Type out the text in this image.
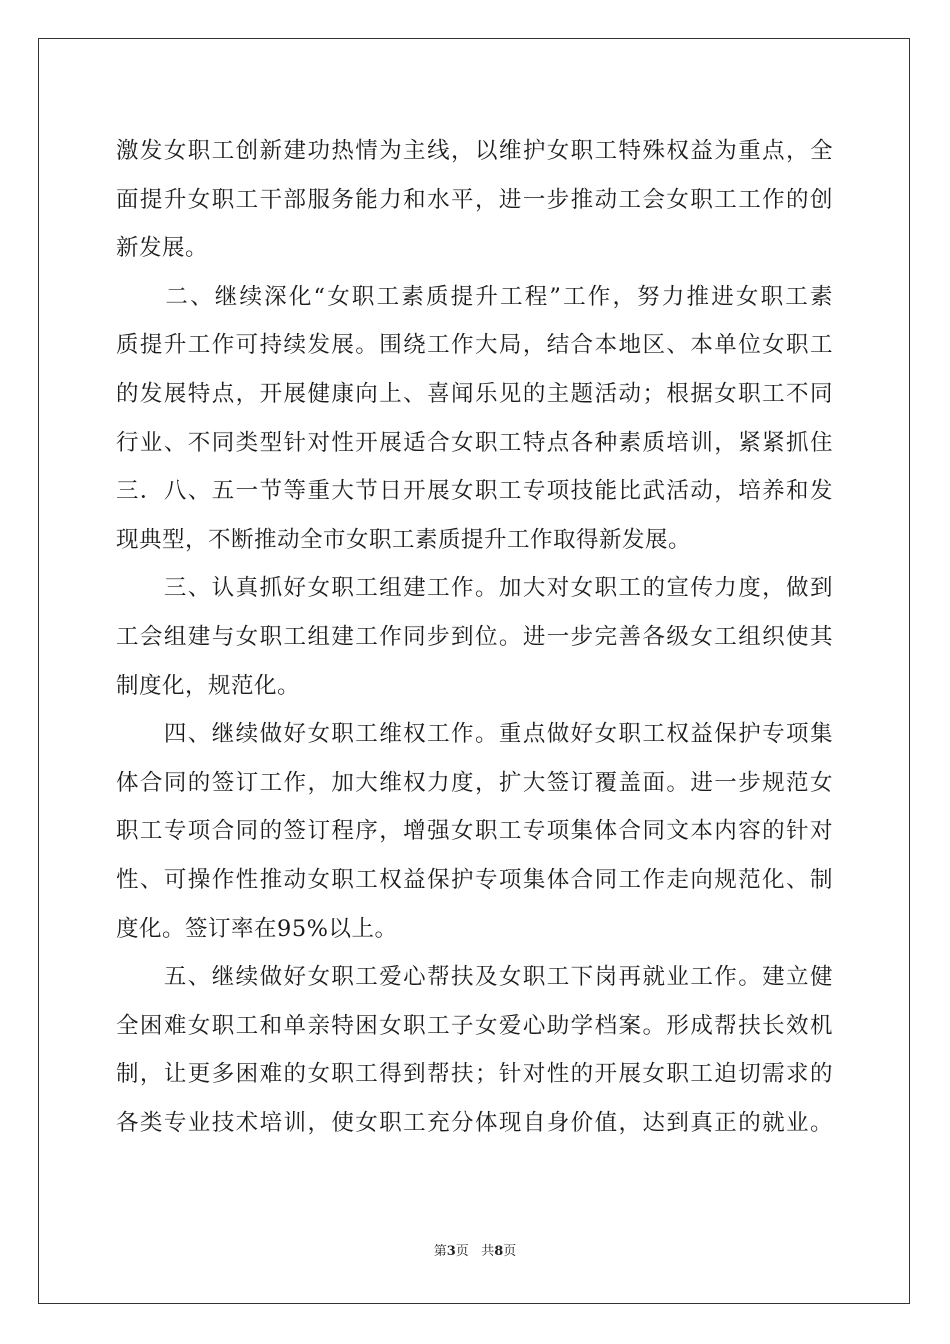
激发女职工创新建功热情为主线，以维护女职工特殊权益为重点，全
面提升女职工干部服务能力和水平，进一步推动工会女职工工作的创
新发展。
　　二、继续深化“女职工素质提升工程”工作，努力推进女职工素
质提升工作可持续发展。围绕工作大局，结合本地区、本单位女职工
的发展特点，开展健康向上、喜闻乐见的主题活动；根据女职工不同
行业、不同类型针对性开展适合女职工特点各种素质培训，紧紧抓住
三．八、五一节等重大节日开展女职工专项技能比武活动，培养和发
现典型，不断推动全市女职工素质提升工作取得新发展。
　　三、认真抓好女职工组建工作。加大对女职工的宣传力度，做到
工会组建与女职工组建工作同步到位。进一步完善各级女工组织使其
制度化，规范化。
　　四、继续做好女职工维权工作。重点做好女职工权益保护专项集
体合同的签订工作，加大维权力度，扩大签订覆盖面。进一步规范女
职工专项合同的签订程序，增强女职工专项集体合同文本内容的针对
性、可操作性推动女职工权益保护专项集体合同工作走向规范化、制
度化。签订率在95%以上。
　　五、继续做好女职工爱心帮扶及女职工下岗再就业工作。建立健
全困难女职工和单亲特困女职工子女爱心助学档案。形成帮扶长效机
制，让更多困难的女职工得到帮扶；针对性的开展女职工迫切需求的
各类专业技术培训，使女职工充分体现自身价值，达到真正的就业。
第3页 共8页
